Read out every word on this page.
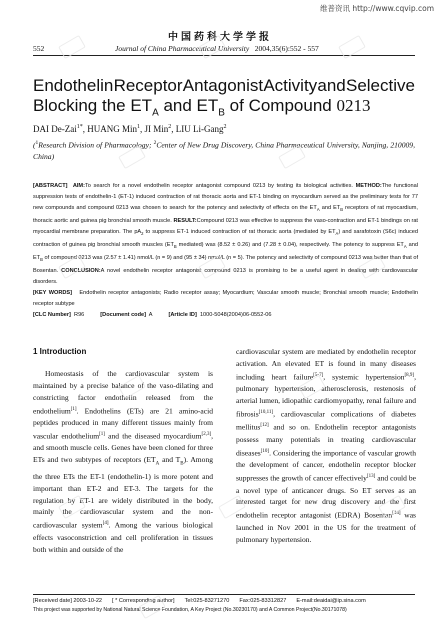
维普资讯 http://www.cqvip.com
中国药科大学学报
552	Journal of China Pharmaceutical University 2004,35(6):552 - 557
Endothelin Receptor Antagonist Activity and Selective
Blocking the $ET_A$ and $ET_B$ of Compound 0213
DAI De-Zai$^{1*}$, HUANG Min$^1$, JI Min$^2$, LIU Li-Gang$^2$
($^1$Research Division of Pharmacology; $^2$Center of New Drug Discovery, China Pharmaceutical University, Nanjing, 210009, China)

[ABSTRACT] AIM:To search for a novel endothelin receptor antagonist compound 0213 by testing its biological activities. METHOD:The functional suppression tests of endothelin-1 (ET-1) induced contraction of rat thoracic aorta and ET-1 binding on myocardium served as the preliminary tests for 77 new compounds and compound 0213 was chosen to search for the potency and selectivity of effects on the $ET_A$ and $ET_B$ receptors of rat myocardium, thoracic aortic and guinea pig bronchial smooth muscle. RESULT:Compound 0213 was effective to suppress the vaso-contraction and ET-1 bindings on rat myocardial membrane preparation. The $pA_2$ to suppress ET-1 induced contraction of rat thoracic aorta (mediated by $ET_A$) and sarafotoxin (S6c) induced contraction of guinea pig bronchial smooth muscles ($ET_B$ mediated) was (8.52 ± 0.26) and (7.28 ± 0.04), respectively. The potency to suppress $ET_A$ and $ET_B$ of compound 0213 was (2.57 ± 1.41) nmol/L (n = 9) and (95 ± 34) nmol/L (n = 5). The potency and selectivity of compound 0213 was better than that of Bosentan. CONCLUSION:A novel endothelin receptor antagonist compound 0213 is promising to be a useful agent in dealing with cardiovascular disorders.

[KEY WORDS] Endothelin receptor antagonists; Radio receptor assay; Myocardium; Vascular smooth muscle; Bronchial smooth muscle; Endothelin receptor subtype

[CLC Number] R96	[Document code] A	[Article ID] 1000-5048(2004)06-0552-06

1 Introduction

Homeostasis of the cardiovascular system is maintained by a precise balance of the vaso-dilating and constricting factor endothelin released from the endothelium[1]. Endothelins (ETs) are 21 amino-acid peptides produced in many different tissues mainly from vascular endothelium[1] and the diseased myocardium[2,3], and smooth muscle cells. Genes have been cloned for three ETs and two subtypes of receptors ($ET_A$ and $T_B$). Among the three ETs the ET-1 (endothelin-1) is more potent and important than ET-2 and ET-3. The targets for the regulation by ET-1 are widely distributed in the body, mainly the cardiovascular system and the non-cardiovascular system[4]. Among the various biological effects vasoconstriction and cell proliferation in tissues both within and outside of the

cardiovascular system are mediated by endothelin receptor activation. An elevated ET is found in many diseases including heart failure[5-7], systemic hypertension[8,9], pulmonary hypertension, atherosclerosis, restenosis of arterial lumen, idiopathic cardiomyopathy, renal failure and fibrosis[10,11], cardiovascular complications of diabetes mellitus[12] and so on. Endothelin receptor antagonists possess many potentials in treating cardiovascular diseases[10]. Considering the importance of vascular growth the development of cancer, endothelin receptor blocker suppresses the growth of cancer effectively[13] and could be a novel type of anticancer drugs. So ET serves as an interested target for new drug discovery and the first endothelin receptor antagonist (EDRA) Bosentan[14] was launched in Nov 2001 in the US for the treatment of pulmonary hypertension.

[Received date] 2003-10-22 [ * Corresponding author] Tel:025-83271270 Fax:025-83312827 E-mail:deaidai@ip.sina.com
This project was supported by National Natural Science Foundation, A Key Project (No.30230170) and A Common Project(No.30171078)
